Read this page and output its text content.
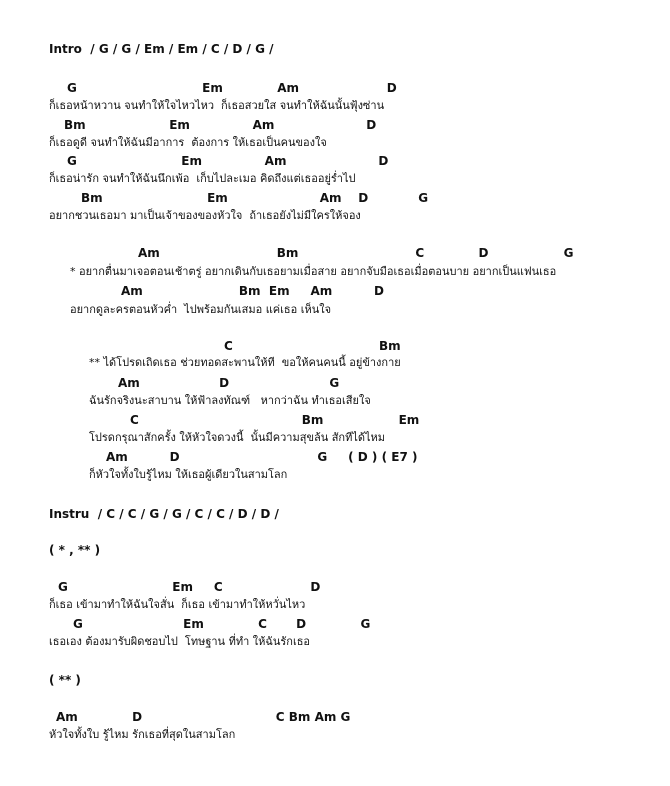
Intro  / G / G / Em / Em / C / D / G /
G                              Em             Am                     D
ก็เธอหน้าหวาน จนทำให้ใจไหวไหว  ก็เธอสวยใส จนทำให้ฉันนั้นฟุ้งซ่าน
Bm                    Em               Am                      D
ก็เธอดูดี จนทำให้ฉันมีอาการ  ต้องการ ให้เธอเป็นคนของใจ
G                         Em               Am                      D
ก็เธอน่ารัก จนทำให้ฉันนึกเพ้อ  เก็บไปละเมอ คิดถึงแต่เธออยู่ร่ำไป
Bm                         Em                      Am    D            G
อยากชวนเธอมา มาเป็นเจ้าของของหัวใจ  ถ้าเธอยังไม่มีใครให้จอง
Am                            Bm                            C             D                  G
* อยากตื่นมาเจอตอนเช้าตรู่ อยากเดินกับเธอยามเมื่อสาย อยากจับมือเธอเมื่อตอนบาย อยากเป็นแฟนเธอ
Am                       Bm  Em     Am          D
อยากดูละครตอนหัวค่ำ  ไปพร้อมกันเสมอ แค่เธอ เห็นใจ
C                                   Bm
** ได้โปรดเถิดเธอ ช่วยทอดสะพานให้ที  ขอให้คนคนนี้ อยู่ข้างกาย
Am                   D                        G
ฉันรักจริงนะสาบาน ให้ฟ้าลงทัณฑ์   หากว่าฉัน ทำเธอเสียใจ
C                                       Bm                  Em
โปรดกรุณาสักครั้ง ให้หัวใจดวงนี้  นั้นมีความสุขล้น สักทีได้ไหม
Am          D                                 G     ( D ) ( E7 )
ก็หัวใจทั้งใบรู้ไหม ให้เธอผู้เดียวในสามโลก
Instru  / C / C / G / G / C / C / D / D /
( * , ** )
G                         Em     C                     D
ก็เธอ เข้ามาทำให้ฉันใจสั่น  ก็เธอ เข้ามาทำให้หวั่นไหว
G                        Em             C       D             G
เธอเอง ต้องมารับผิดชอบไป  โทษฐาน ที่ทำ ให้ฉันรักเธอ
( ** )
Am             D                                C Bm Am G
หัวใจทั้งใบ รู้ไหม รักเธอที่สุดในสามโลก
